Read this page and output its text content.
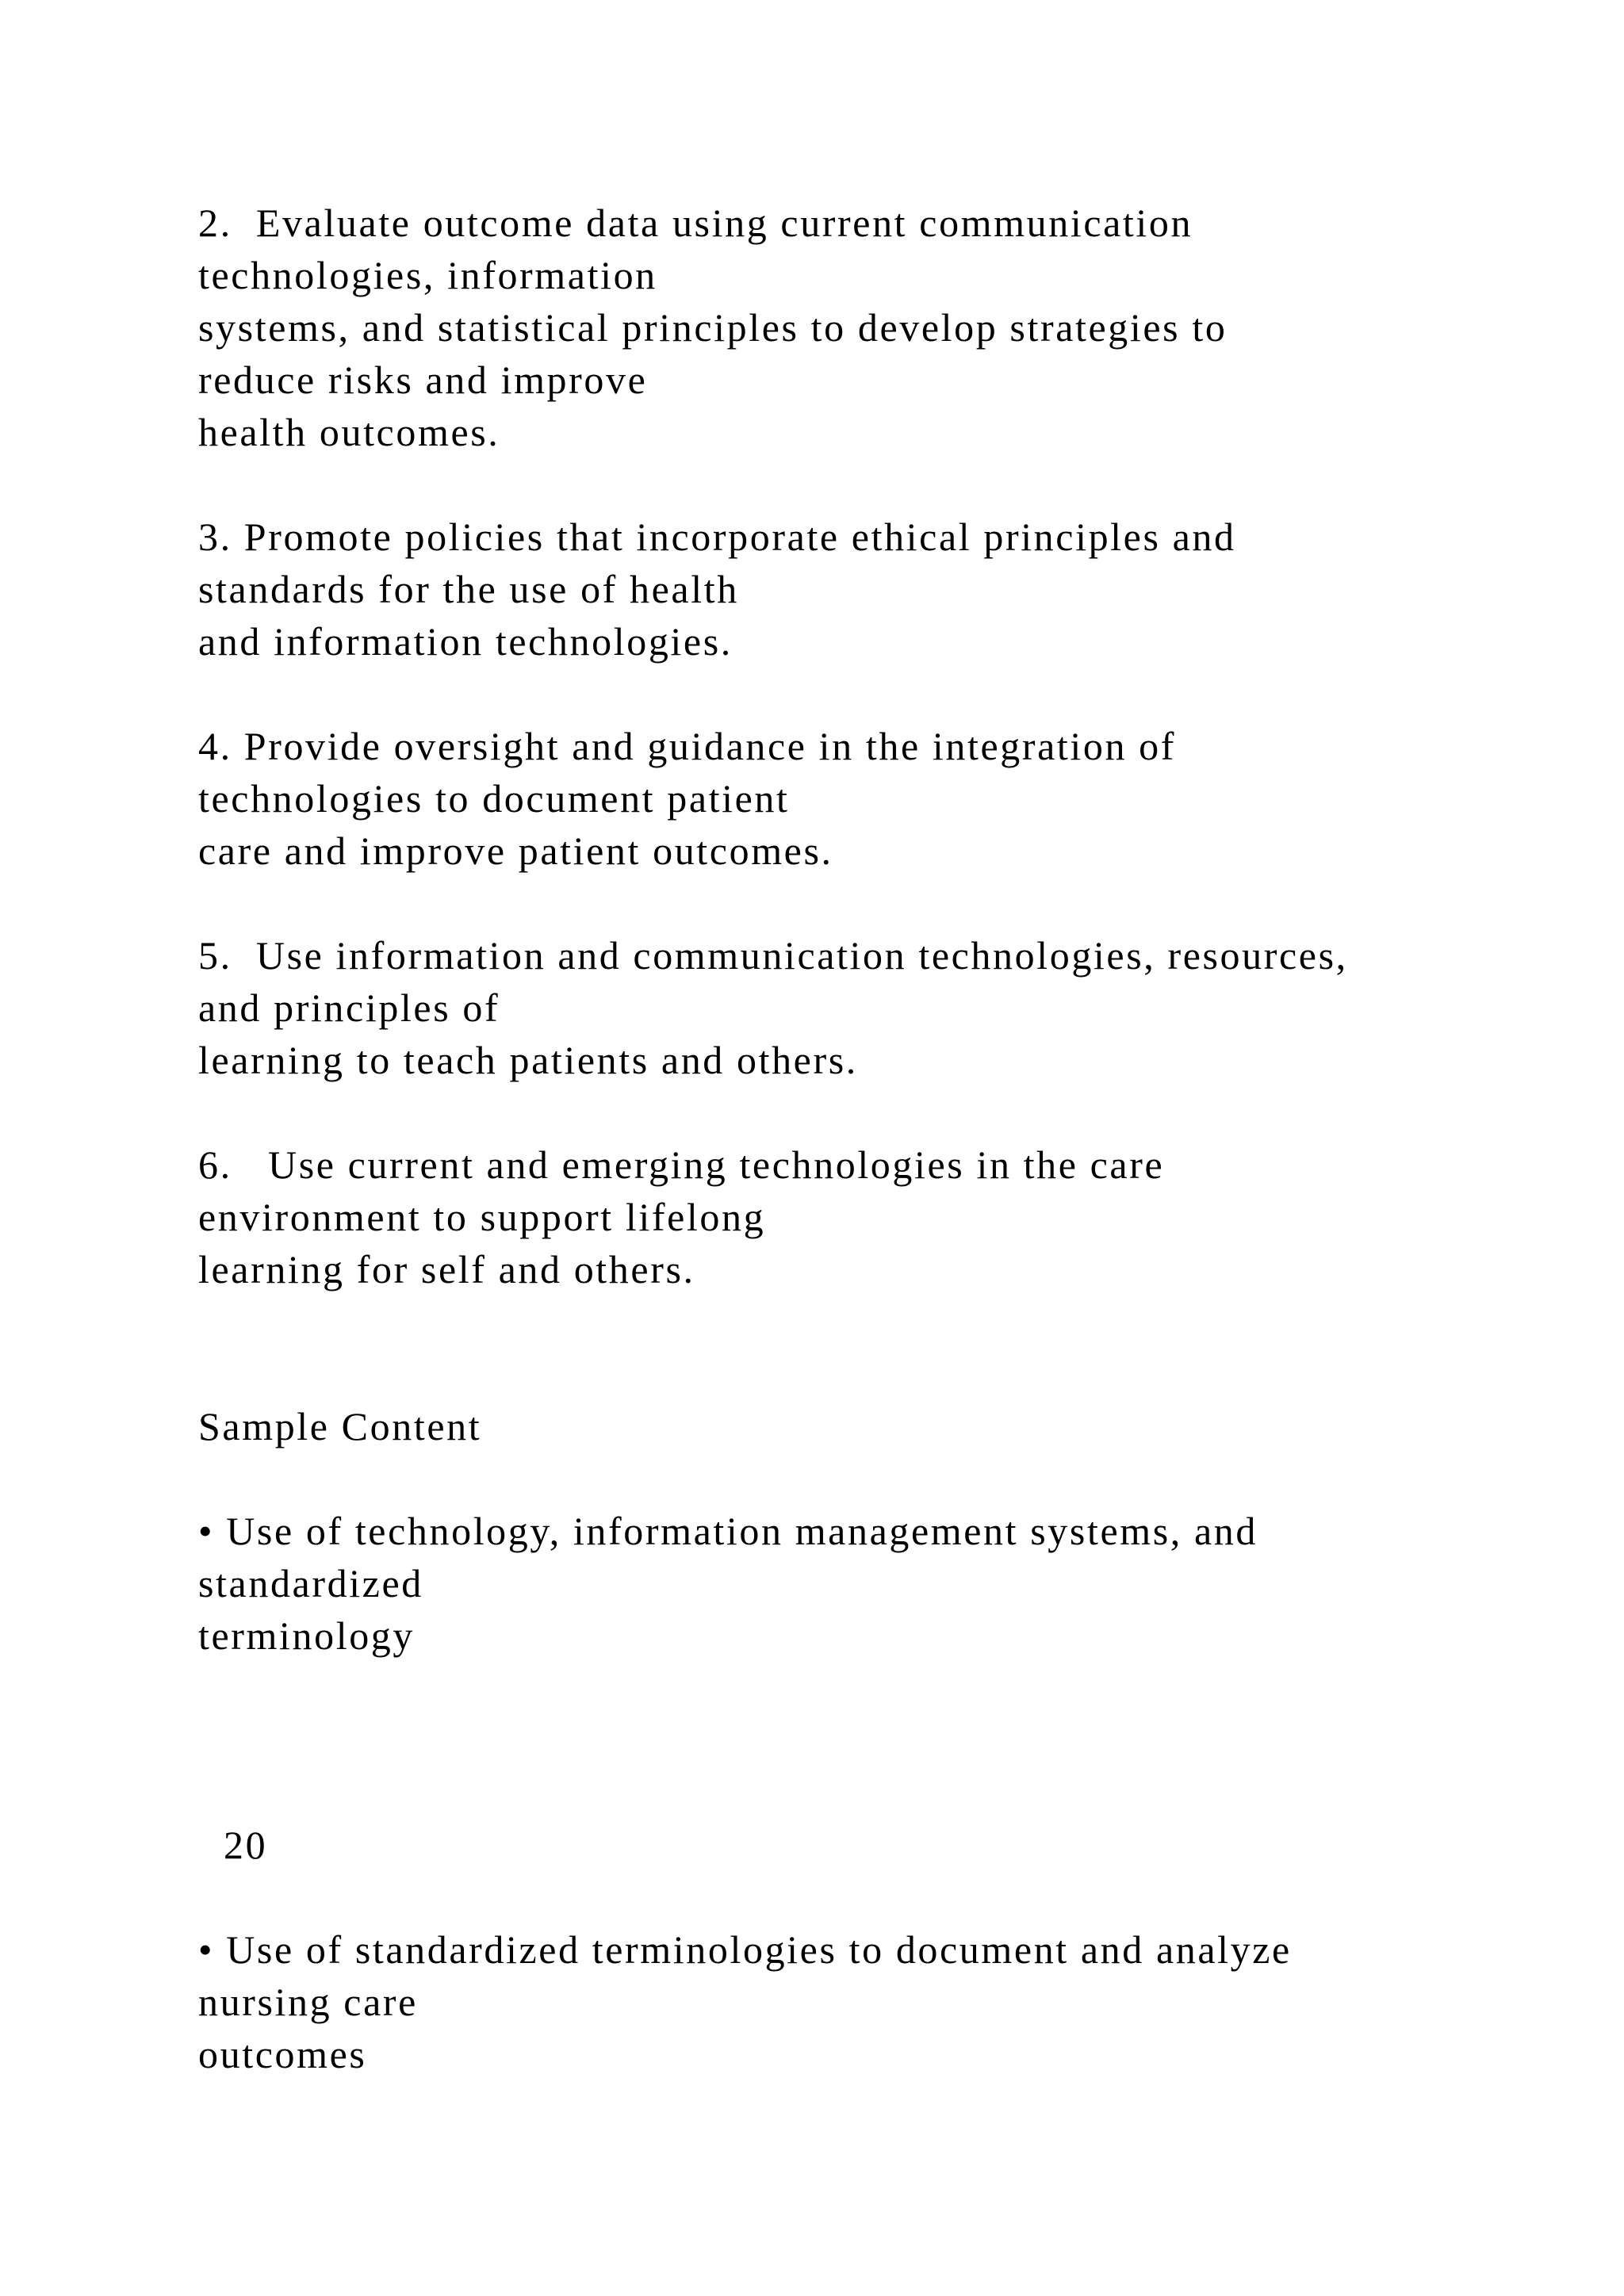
2.  Evaluate outcome data using current communication
technologies, information
systems, and statistical principles to develop strategies to
reduce risks and improve
health outcomes.
3. Promote policies that incorporate ethical principles and
standards for the use of health
and information technologies.
4. Provide oversight and guidance in the integration of
technologies to document patient
care and improve patient outcomes.
5.  Use information and communication technologies, resources,
and principles of
learning to teach patients and others.
6.   Use current and emerging technologies in the care
environment to support lifelong
learning for self and others.
Sample Content
• Use of technology, information management systems, and
standardized
terminology
20
• Use of standardized terminologies to document and analyze
nursing care
outcomes
